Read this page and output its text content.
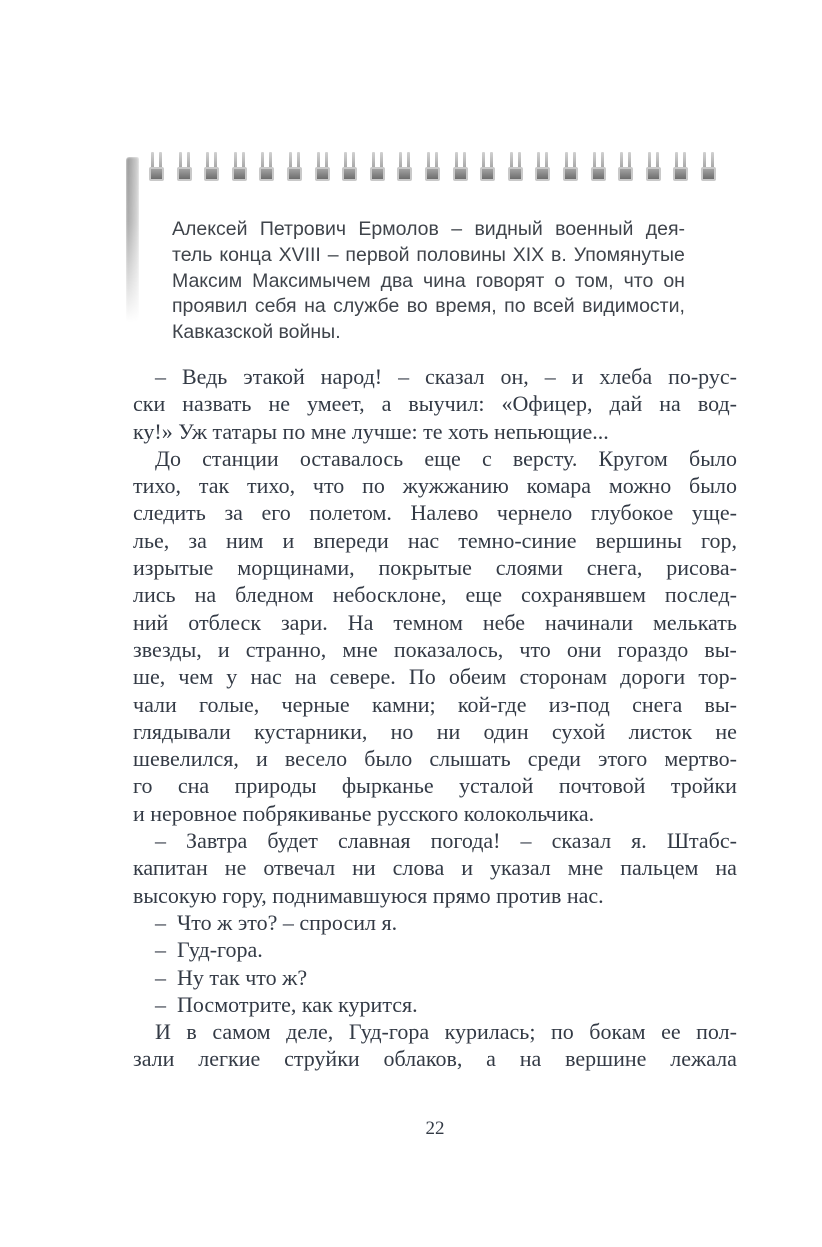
Алексей Петрович Ермолов – видный военный дея-
тель конца XVIII – первой половины XIX в. Упомянутые
Максим Максимычем два чина говорят о том, что он
проявил себя на службе во время, по всей видимости,
Кавказской войны.
– Ведь этакой народ! – сказал он, – и хлеба по-рус-
ски назвать не умеет, а выучил: «Офицер, дай на вод-
ку!» Уж татары по мне лучше: те хоть непьющие...
До станции оставалось еще с версту. Кругом было
тихо, так тихо, что по жужжанию комара можно было
следить за его полетом. Налево чернело глубокое уще-
лье, за ним и впереди нас темно-синие вершины гор,
изрытые морщинами, покрытые слоями снега, рисова-
лись на бледном небосклоне, еще сохранявшем послед-
ний отблеск зари. На темном небе начинали мелькать
звезды, и странно, мне показалось, что они гораздо вы-
ше, чем у нас на севере. По обеим сторонам дороги тор-
чали голые, черные камни; кой-где из-под снега вы-
глядывали кустарники, но ни один сухой листок не
шевелился, и весело было слышать среди этого мертво-
го сна природы фырканье усталой почтовой тройки
и неровное побрякиванье русского колокольчика.
– Завтра будет славная погода! – сказал я. Штабс-
капитан не отвечал ни слова и указал мне пальцем на
высокую гору, поднимавшуюся прямо против нас.
– Что ж это? – спросил я.
– Гуд-гора.
– Ну так что ж?
– Посмотрите, как курится.
И в самом деле, Гуд-гора курилась; по бокам ее пол-
зали легкие струйки облаков, а на вершине лежала
22
